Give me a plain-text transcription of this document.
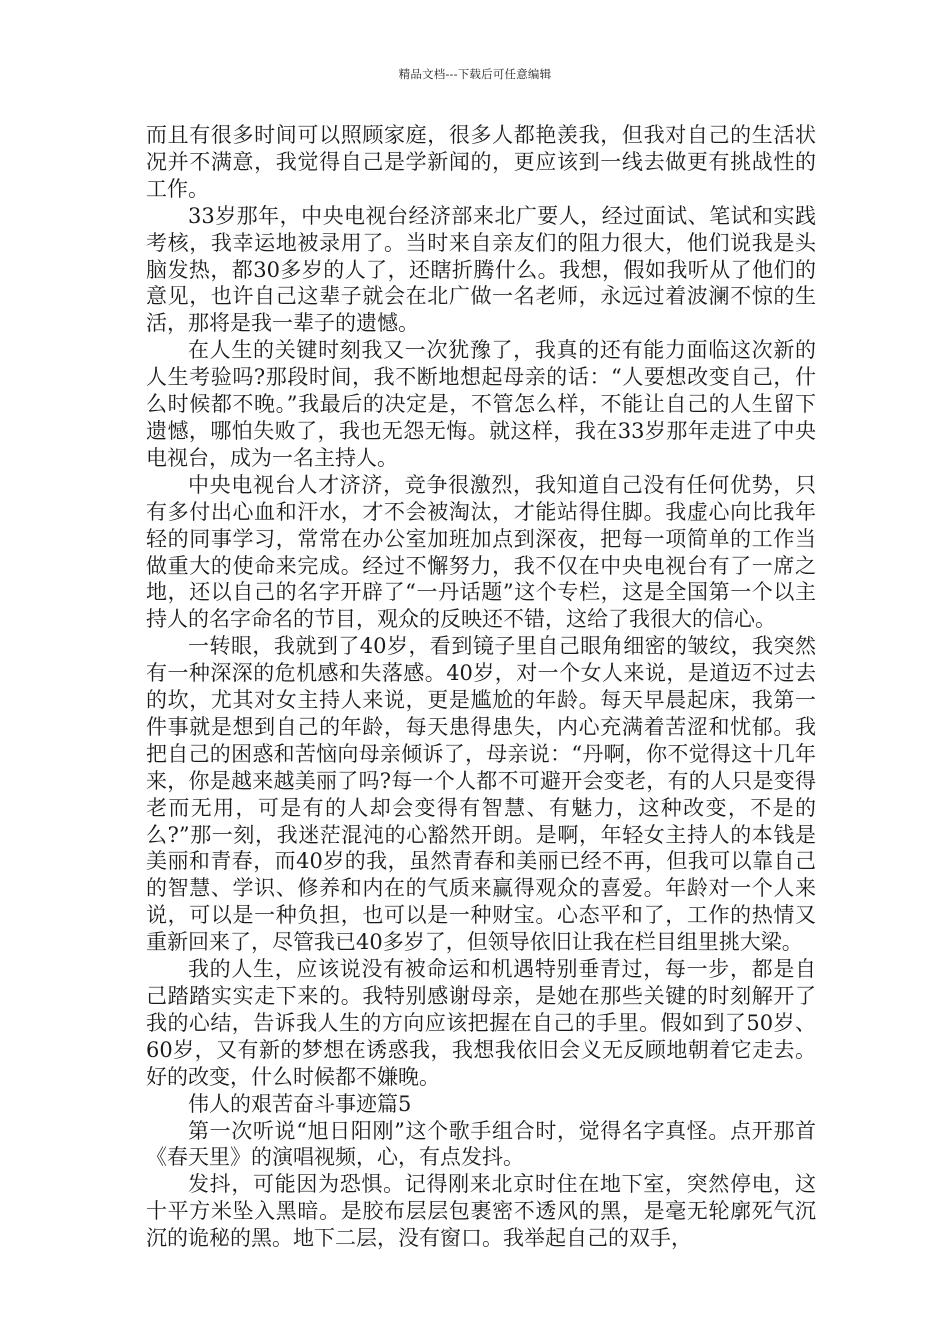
精品文档---下载后可任意编辑

而且有很多时间可以照顾家庭，很多人都艳羡我，但我对自己的生活状况并不满意，我觉得自己是学新闻的，更应该到一线去做更有挑战性的工作。

33岁那年，中央电视台经济部来北广要人，经过面试、笔试和实践考核，我幸运地被录用了。当时来自亲友们的阻力很大，他们说我是头脑发热，都30多岁的人了，还瞎折腾什么。我想，假如我听从了他们的意见，也许自己这辈子就会在北广做一名老师，永远过着波澜不惊的生活，那将是我一辈子的遗憾。

在人生的关键时刻我又一次犹豫了，我真的还有能力面临这次新的人生考验吗?那段时间，我不断地想起母亲的话：“人要想改变自己，什么时候都不晚。”我最后的决定是，不管怎么样，不能让自己的人生留下遗憾，哪怕失败了，我也无怨无悔。就这样，我在33岁那年走进了中央电视台，成为一名主持人。

中央电视台人才济济，竞争很激烈，我知道自己没有任何优势，只有多付出心血和汗水，才不会被淘汰，才能站得住脚。我虚心向比我年轻的同事学习，常常在办公室加班加点到深夜，把每一项简单的工作当做重大的使命来完成。经过不懈努力，我不仅在中央电视台有了一席之地，还以自己的名字开辟了“一丹话题”这个专栏，这是全国第一个以主持人的名字命名的节目，观众的反映还不错，这给了我很大的信心。

一转眼，我就到了40岁，看到镜子里自己眼角细密的皱纹，我突然有一种深深的危机感和失落感。40岁，对一个女人来说，是道迈不过去的坎，尤其对女主持人来说，更是尴尬的年龄。每天早晨起床，我第一件事就是想到自己的年龄，每天患得患失，内心充满着苦涩和忧郁。我把自己的困惑和苦恼向母亲倾诉了，母亲说：“丹啊，你不觉得这十几年来，你是越来越美丽了吗?每一个人都不可避开会变老，有的人只是变得老而无用，可是有的人却会变得有智慧、有魅力，这种改变，不是的么?”那一刻，我迷茫混沌的心豁然开朗。是啊，年轻女主持人的本钱是美丽和青春，而40岁的我，虽然青春和美丽已经不再，但我可以靠自己的智慧、学识、修养和内在的气质来赢得观众的喜爱。年龄对一个人来说，可以是一种负担，也可以是一种财宝。心态平和了，工作的热情又重新回来了，尽管我已40多岁了，但领导依旧让我在栏目组里挑大梁。

我的人生，应该说没有被命运和机遇特别垂青过，每一步，都是自己踏踏实实走下来的。我特别感谢母亲，是她在那些关键的时刻解开了我的心结，告诉我人生的方向应该把握在自己的手里。假如到了50岁、60岁，又有新的梦想在诱惑我，我想我依旧会义无反顾地朝着它走去。好的改变，什么时候都不嫌晚。

伟人的艰苦奋斗事迹篇5

第一次听说“旭日阳刚”这个歌手组合时，觉得名字真怪。点开那首《春天里》的演唱视频，心，有点发抖。

发抖，可能因为恐惧。记得刚来北京时住在地下室，突然停电，这十平方米坠入黑暗。是胶布层层包裹密不透风的黑，是毫无轮廓死气沉沉的诡秘的黑。地下二层，没有窗口。我举起自己的双手，
